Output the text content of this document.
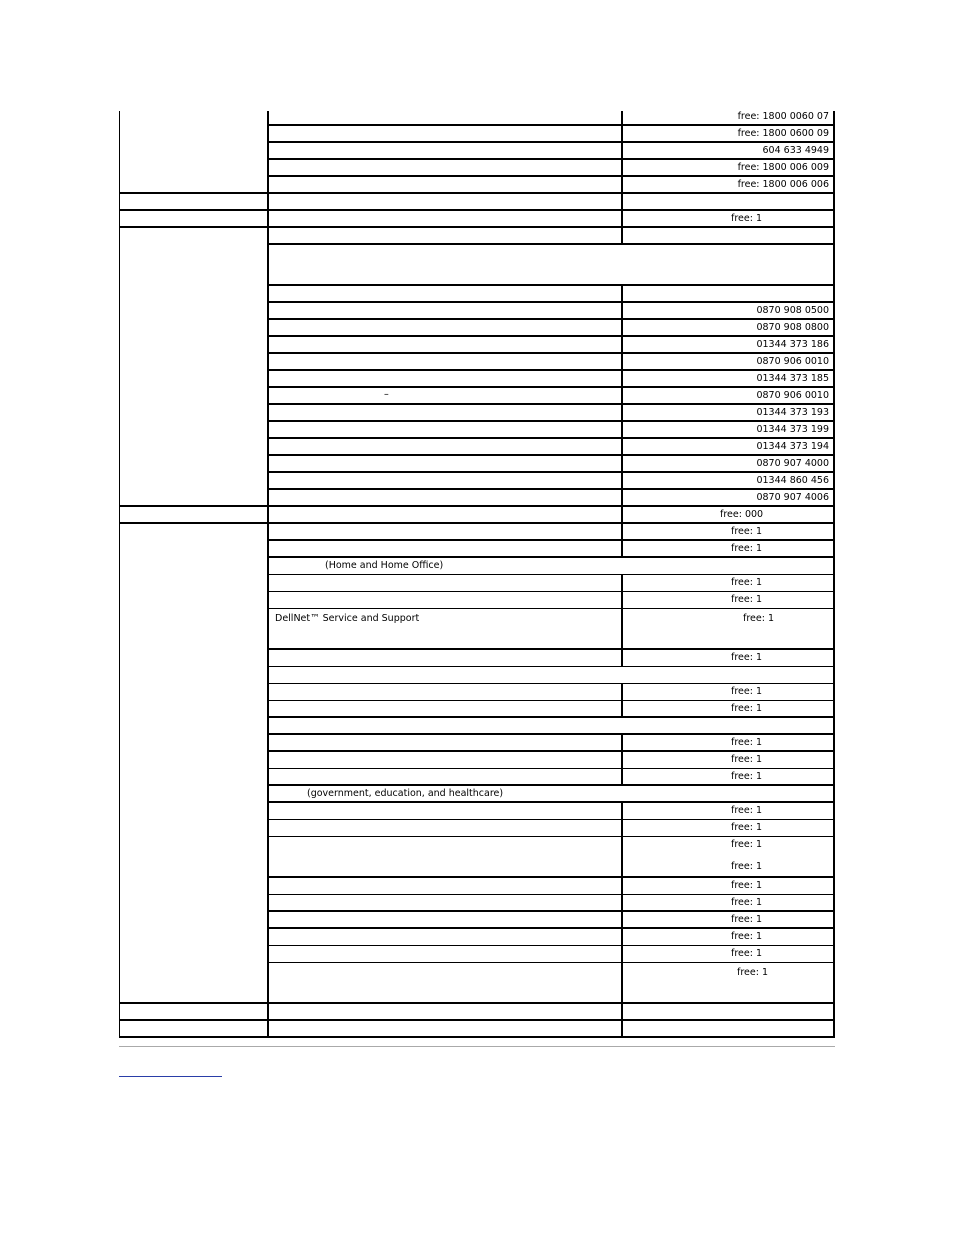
free: 1800 0060 07
free: 1800 0600 09
604 633 4949
free: 1800 006 009
free: 1800 006 006
free: 1
0870 908 0500
0870 908 0800
01344 373 186
0870 906 0010
01344 373 185
–	0870 906 0010
01344 373 193
01344 373 199
01344 373 194
0870 907 4000
01344 860 456
0870 907 4006
free: 000
free: 1
free: 1
(Home and Home Office)
free: 1
free: 1
DellNet™ Service and Support	free: 1
free: 1
free: 1
free: 1
free: 1
free: 1
free: 1
(government, education, and healthcare)
free: 1
free: 1
free: 1
free: 1
free: 1
free: 1
free: 1
free: 1
free: 1
free: 1
